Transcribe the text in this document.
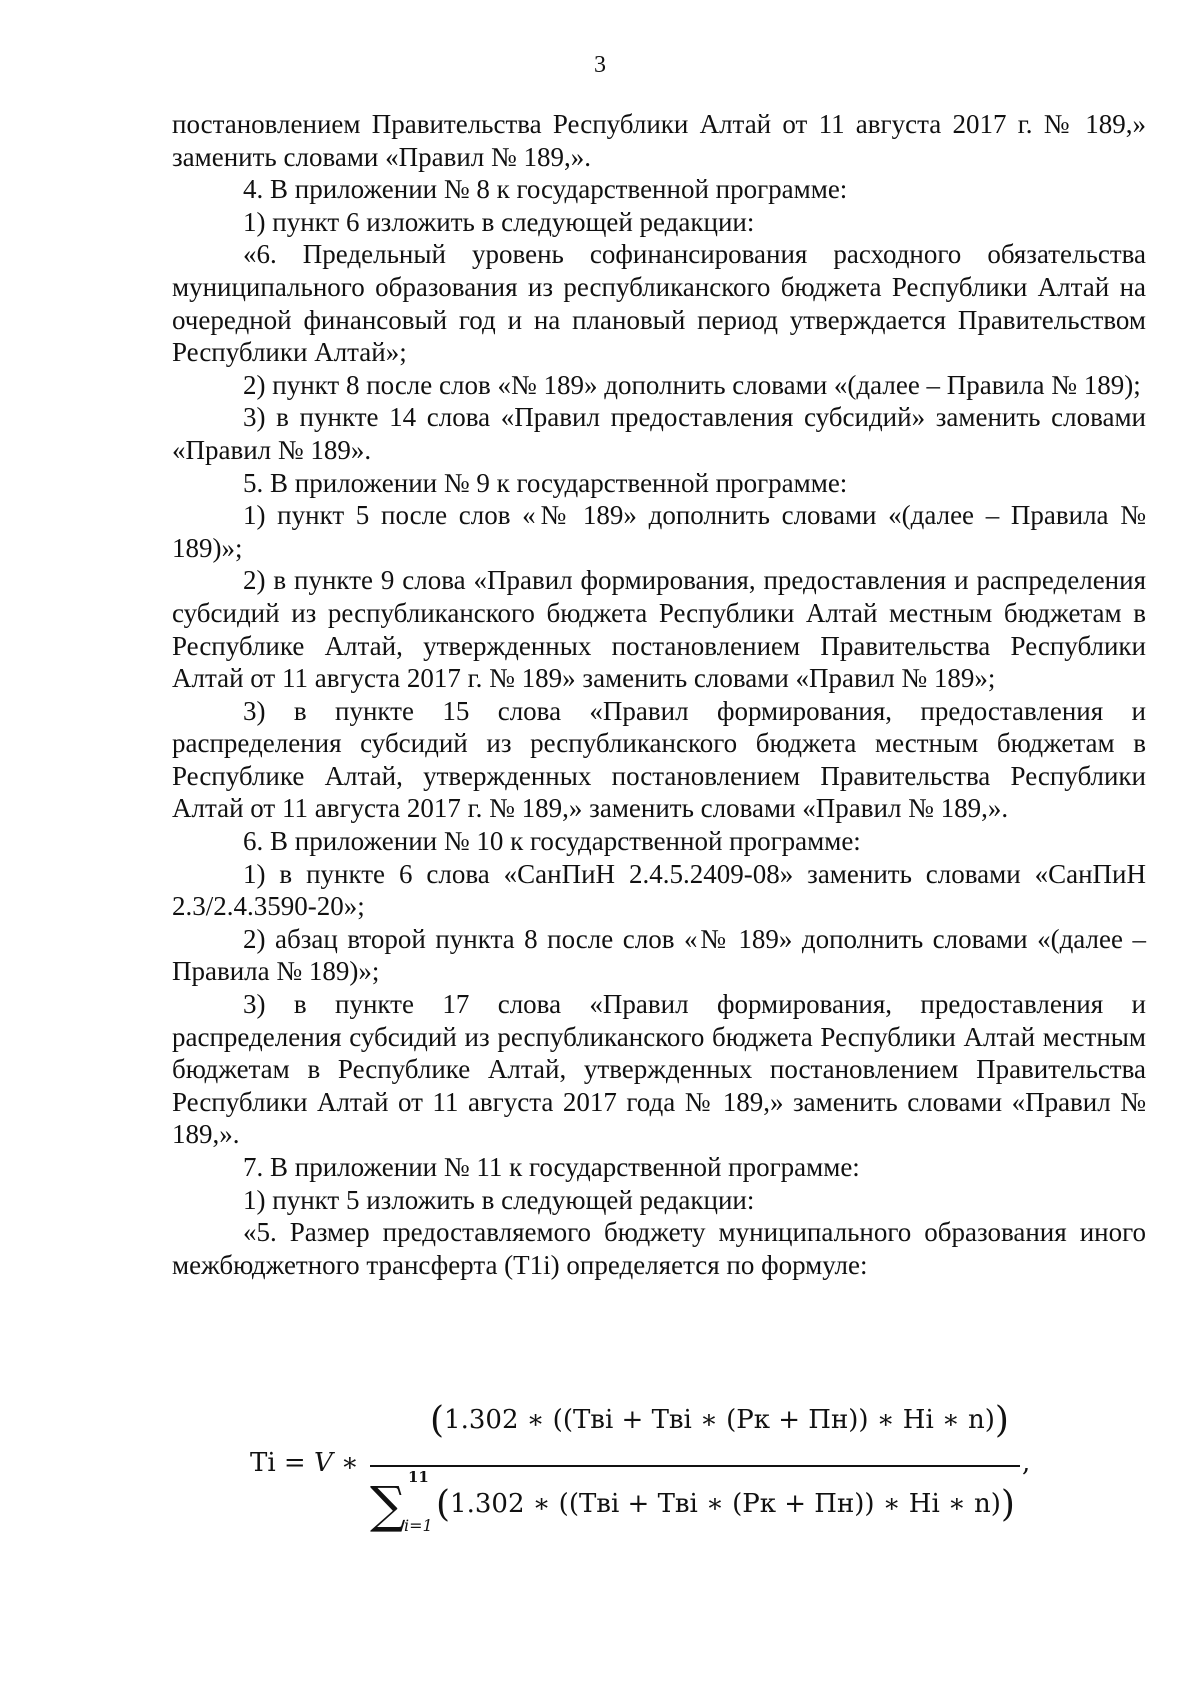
3

постановлением Правительства Республики Алтай от 11 августа 2017 г. № 189,» заменить словами «Правил № 189,».

4. В приложении № 8 к государственной программе:

1) пункт 6 изложить в следующей редакции:

«6. Предельный уровень софинансирования расходного обязательства муниципального образования из республиканского бюджета Республики Алтай на очередной финансовый год и на плановый период утверждается Правительством Республики Алтай»;

2) пункт 8 после слов «№ 189» дополнить словами «(далее – Правила № 189);

3) в пункте 14 слова «Правил предоставления субсидий» заменить словами «Правил № 189».

5. В приложении № 9 к государственной программе:

1) пункт 5 после слов «№ 189» дополнить словами «(далее – Правила № 189)»;

2) в пункте 9 слова «Правил формирования, предоставления и распределения субсидий из республиканского бюджета Республики Алтай местным бюджетам в Республике Алтай, утвержденных постановлением Правительства Республики Алтай от 11 августа 2017 г. № 189» заменить словами «Правил № 189»;

3) в пункте 15 слова «Правил формирования, предоставления и распределения субсидий из республиканского бюджета местным бюджетам в Республике Алтай, утвержденных постановлением Правительства Республики Алтай от 11 августа 2017 г. № 189,» заменить словами «Правил № 189,».

6. В приложении № 10 к государственной программе:

1) в пункте 6 слова «СанПиН 2.4.5.2409-08» заменить словами «СанПиН 2.3/2.4.3590-20»;

2) абзац второй пункта 8 после слов «№ 189» дополнить словами «(далее – Правила № 189)»;

3) в пункте 17 слова «Правил формирования, предоставления и распределения субсидий из республиканского бюджета Республики Алтай местным бюджетам в Республике Алтай, утвержденных постановлением Правительства Республики Алтай от 11 августа 2017 года № 189,» заменить словами «Правил № 189,».

7. В приложении № 11 к государственной программе:

1) пункт 5 изложить в следующей редакции:

«5. Размер предоставляемого бюджету муниципального образования иного межбюджетного трансферта (T1i) определяется по формуле:

Ti = V ∗
(1.302 ∗ ((Твi + Твi ∗ (Рк + Пн)) ∗ Hi ∗ n))
∑ 11
i=1
(1.302 ∗ ((Твi + Твi ∗ (Рк + Пн)) ∗ Hi ∗ n))
,
